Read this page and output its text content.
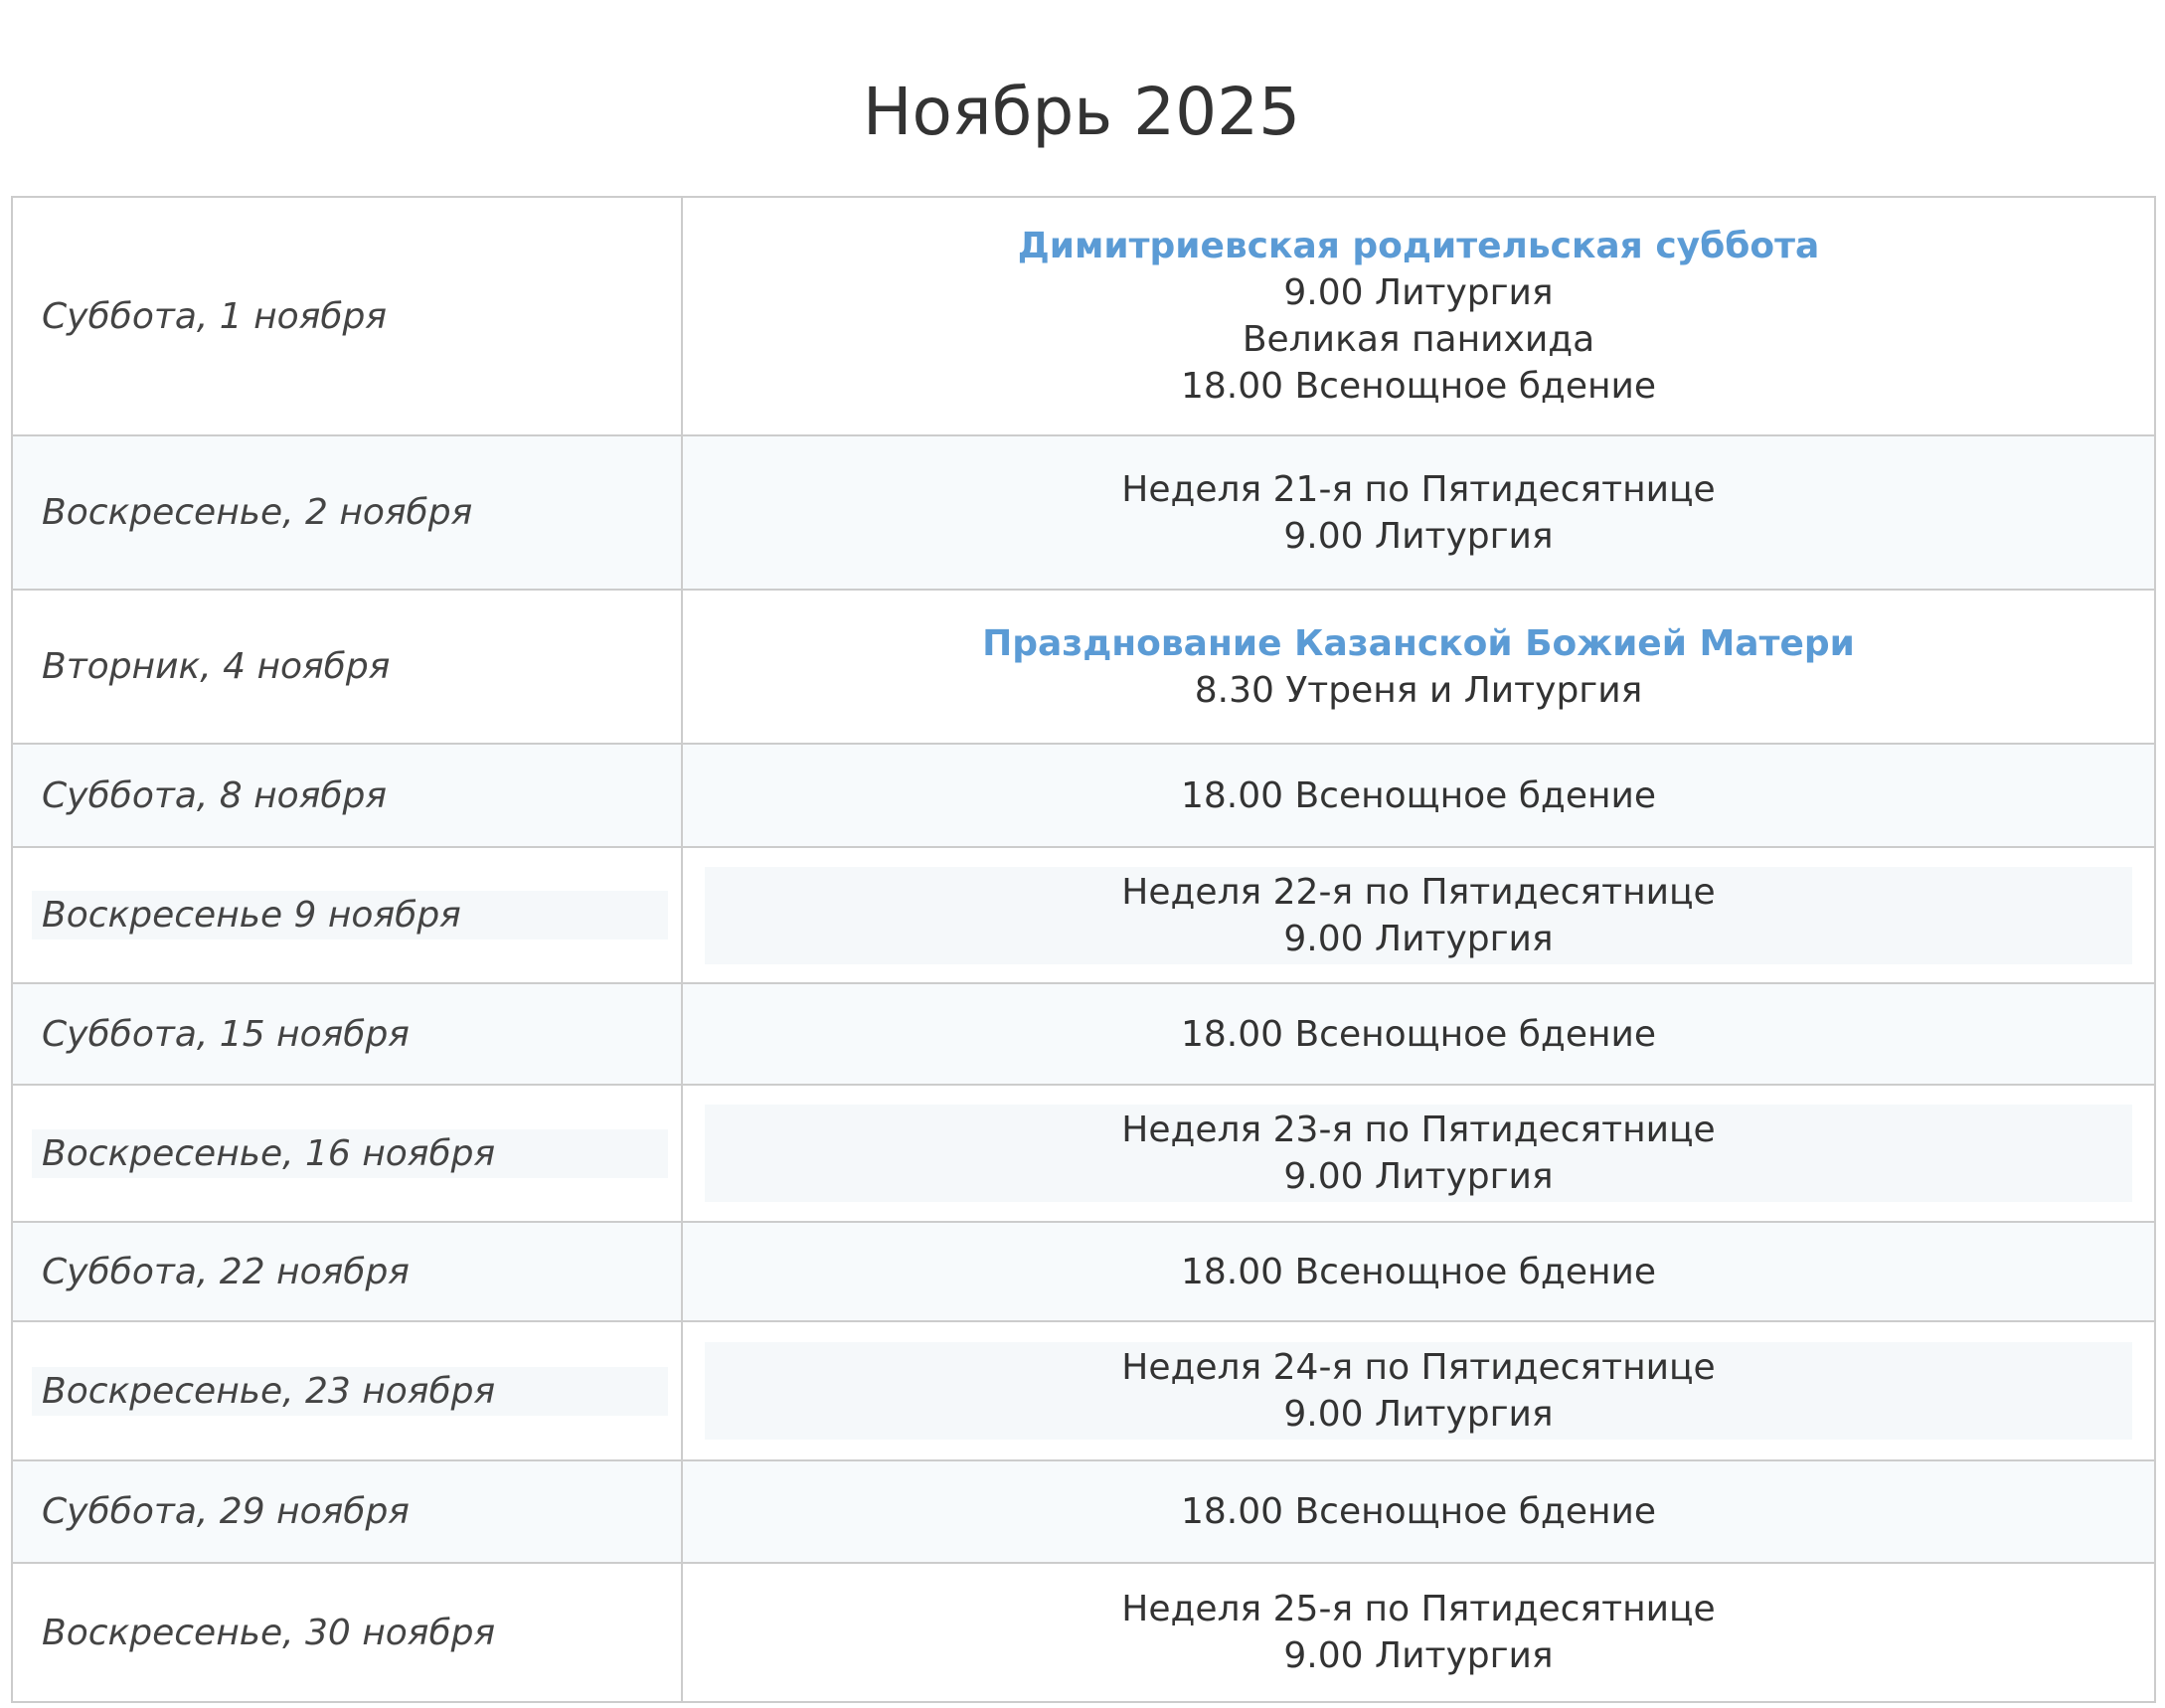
Ноябрь 2025
Суббота, 1 ноября	Димитриевская родительская суббота
9.00 Литургия
Великая панихида
18.00 Всенощное бдение

Воскресенье, 2 ноября	Неделя 21-я по Пятидесятнице
9.00 Литургия

Вторник, 4 ноября	Празднование Казанской Божией Матери
8.30 Утреня и Литургия

Суббота, 8 ноября	18.00 Всенощное бдение

Воскресенье 9 ноября	Неделя 22-я по Пятидесятнице
9.00 Литургия

Суббота, 15 ноября	18.00 Всенощное бдение

Воскресенье, 16 ноября	Неделя 23-я по Пятидесятнице
9.00 Литургия

Суббота, 22 ноября	18.00 Всенощное бдение

Воскресенье, 23 ноября	Неделя 24-я по Пятидесятнице
9.00 Литургия

Суббота, 29 ноября	18.00 Всенощное бдение

Воскресенье, 30 ноября	Неделя 25-я по Пятидесятнице
9.00 Литургия
